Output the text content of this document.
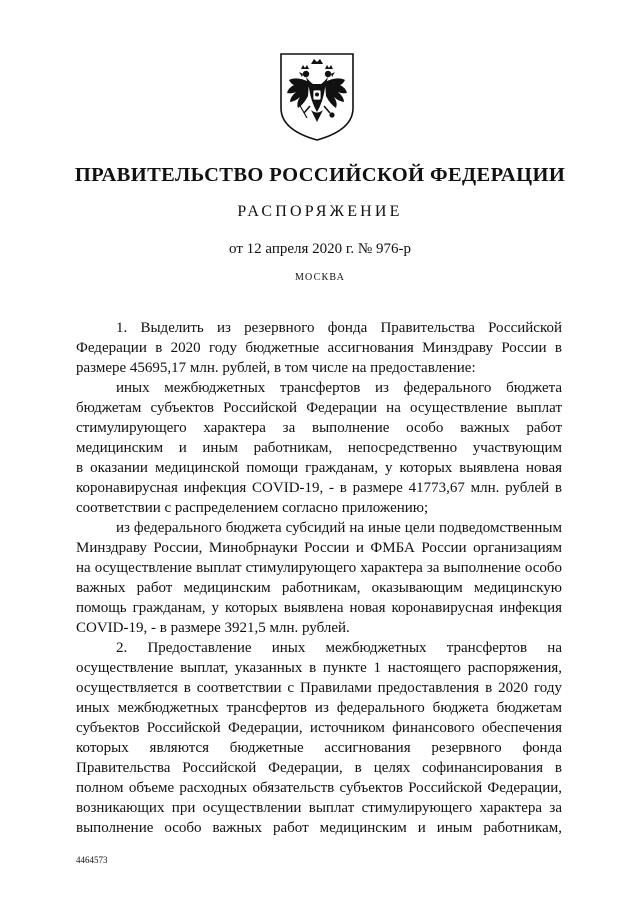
ПРАВИТЕЛЬСТВО РОССИЙСКОЙ ФЕДЕРАЦИИ
РАСПОРЯЖЕНИЕ
от 12 апреля 2020 г. № 976-р
МОСКВА
1. Выделить из резервного фонда Правительства Российской
Федерации в 2020 году бюджетные ассигнования Минздраву России в
размере 45695,17 млн. рублей, в том числе на предоставление:
иных межбюджетных трансфертов из федерального бюджета
бюджетам субъектов Российской Федерации на осуществление выплат
стимулирующего характера за выполнение особо важных работ
медицинским и иным работникам, непосредственно участвующим
в оказании медицинской помощи гражданам, у которых выявлена новая
коронавирусная инфекция COVID-19, - в размере 41773,67 млн. рублей в
соответствии с распределением согласно приложению;
из федерального бюджета субсидий на иные цели подведомственным
Минздраву России, Минобрнауки России и ФМБА России организациям
на осуществление выплат стимулирующего характера за выполнение особо
важных работ медицинским работникам, оказывающим медицинскую
помощь гражданам, у которых выявлена новая коронавирусная инфекция
COVID-19, - в размере 3921,5 млн. рублей.
2. Предоставление иных межбюджетных трансфертов на
осуществление выплат, указанных в пункте 1 настоящего распоряжения,
осуществляется в соответствии с Правилами предоставления в 2020 году
иных межбюджетных трансфертов из федерального бюджета бюджетам
субъектов Российской Федерации, источником финансового обеспечения
которых являются бюджетные ассигнования резервного фонда
Правительства Российской Федерации, в целях софинансирования в
полном объеме расходных обязательств субъектов Российской Федерации,
возникающих при осуществлении выплат стимулирующего характера за
выполнение особо важных работ медицинским и иным работникам,
4464573
